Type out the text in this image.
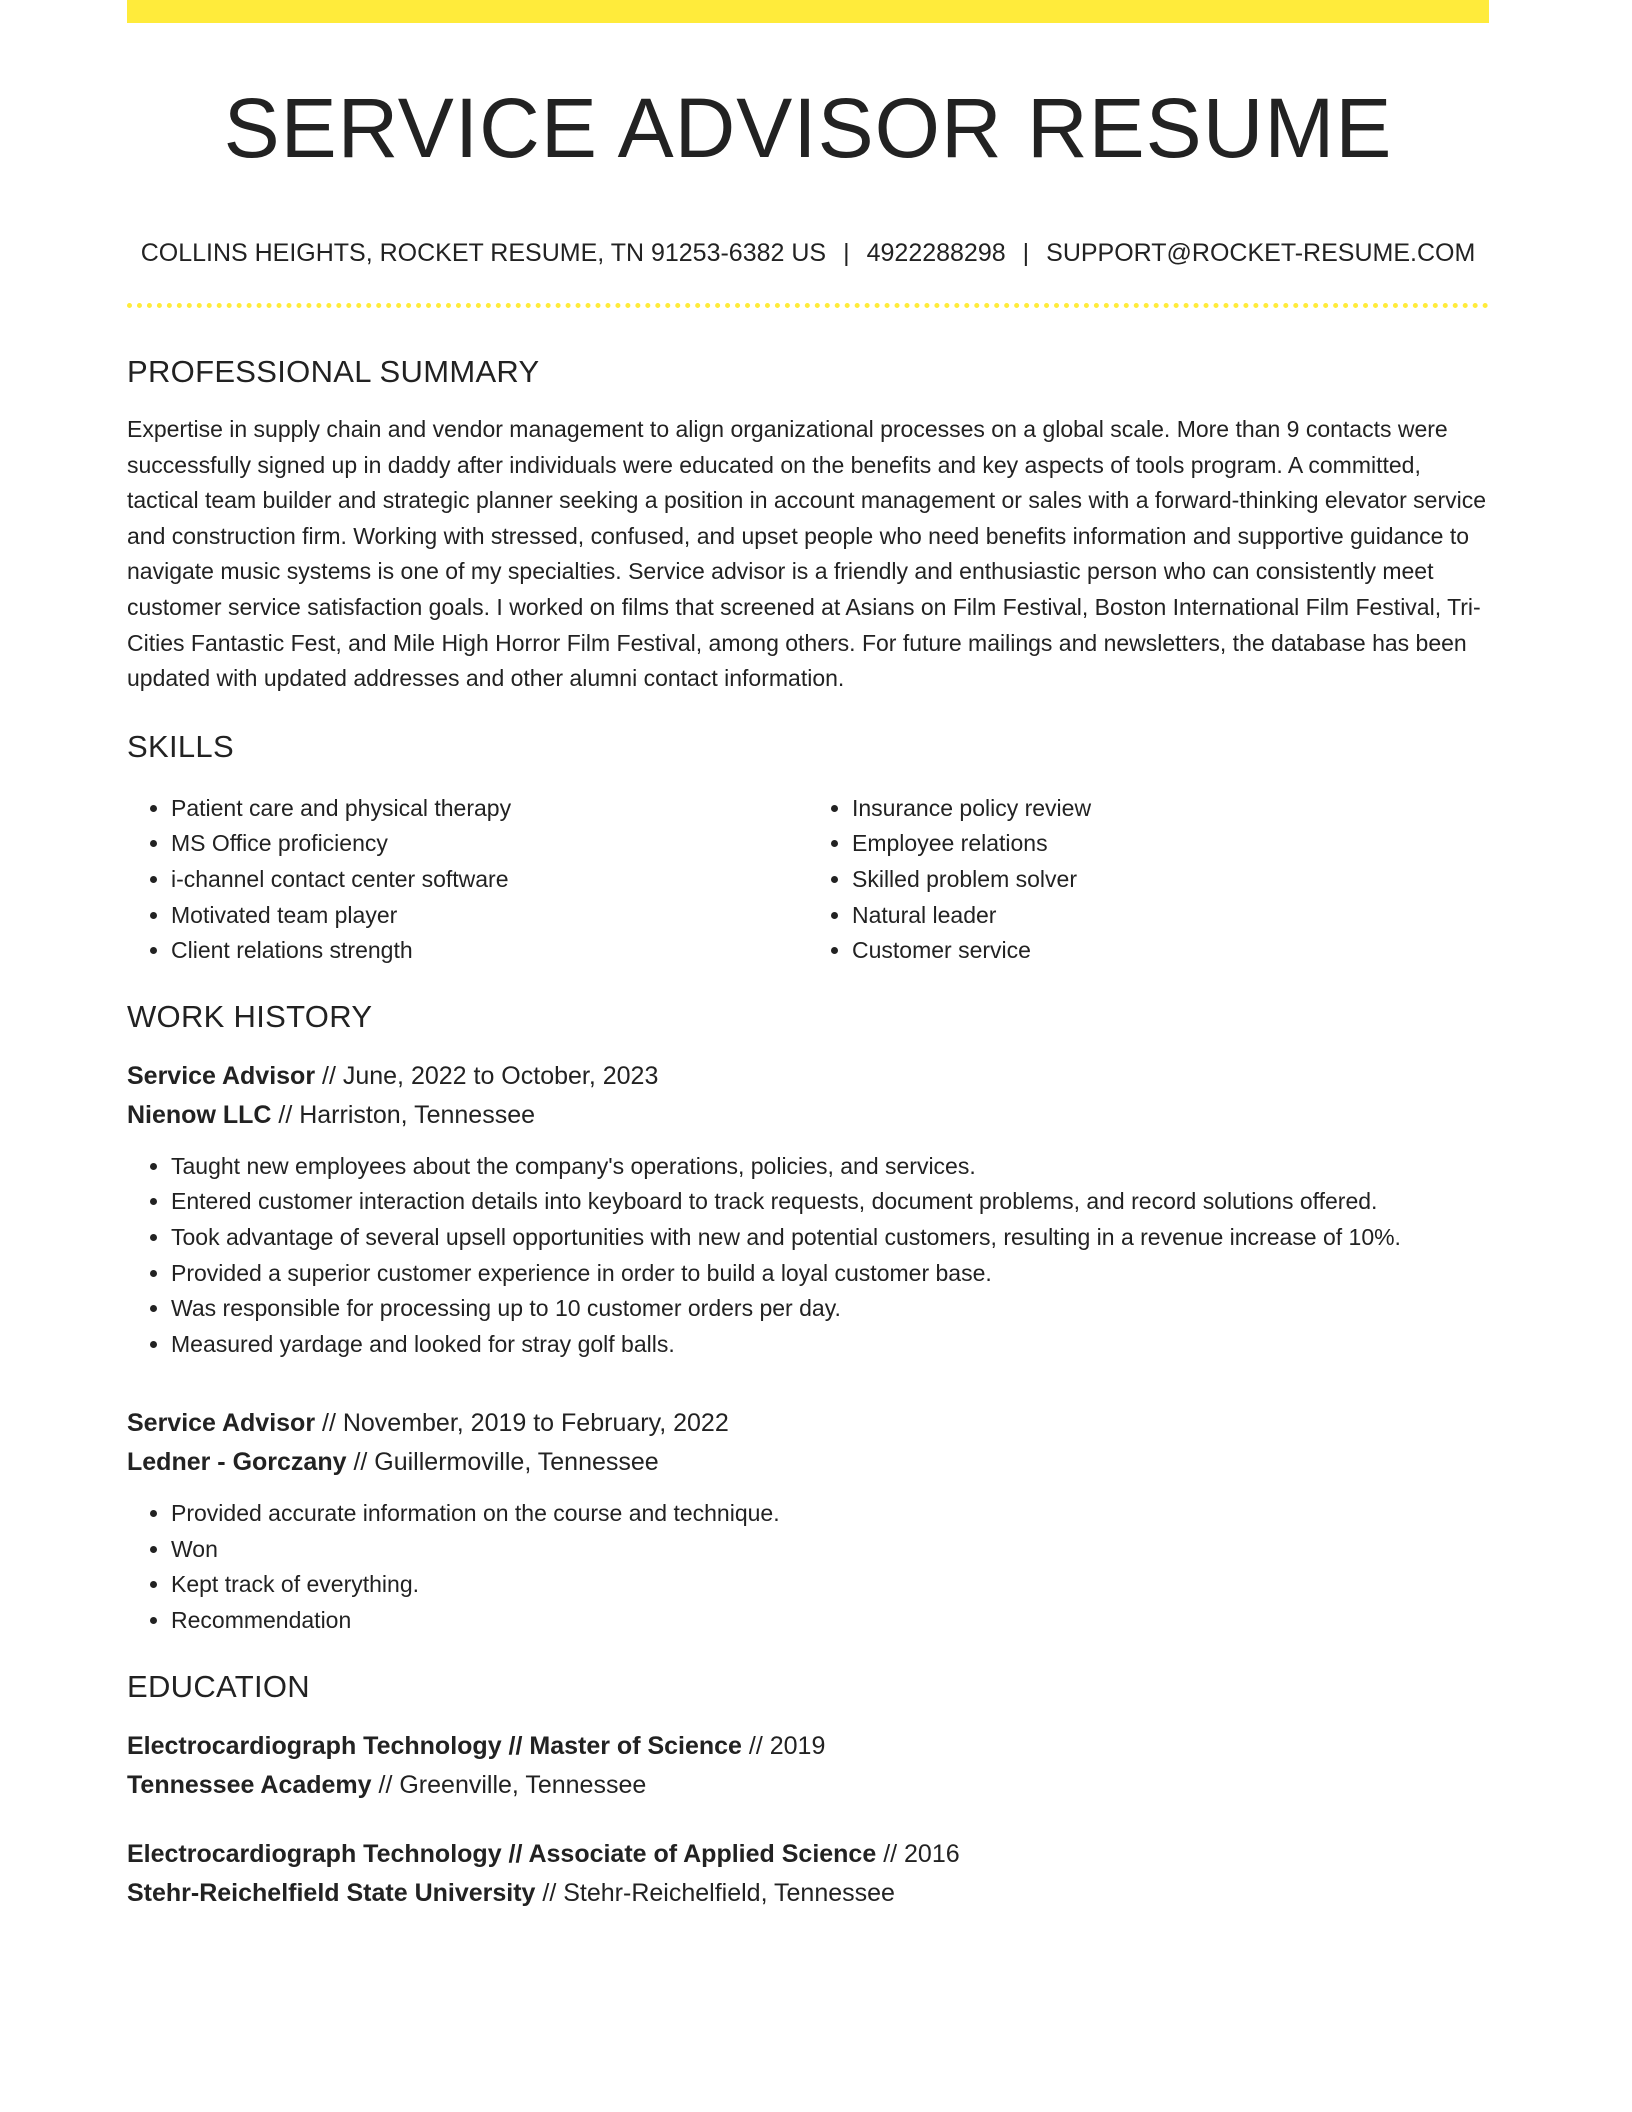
SERVICE ADVISOR RESUME
COLLINS HEIGHTS, ROCKET RESUME, TN 91253-6382 US | 4922288298 | SUPPORT@ROCKET-RESUME.COM
PROFESSIONAL SUMMARY

Expertise in supply chain and vendor management to align organizational processes on a global scale. More than 9 contacts were successfully signed up in daddy after individuals were educated on the benefits and key aspects of tools program. A committed, tactical team builder and strategic planner seeking a position in account management or sales with a forward-thinking elevator service and construction firm. Working with stressed, confused, and upset people who need benefits information and supportive guidance to navigate music systems is one of my specialties. Service advisor is a friendly and enthusiastic person who can consistently meet customer service satisfaction goals. I worked on films that screened at Asians on Film Festival, Boston International Film Festival, Tri-Cities Fantastic Fest, and Mile High Horror Film Festival, among others. For future mailings and newsletters, the database has been updated with updated addresses and other alumni contact information.

SKILLS
• Patient care and physical therapy
• MS Office proficiency
• i-channel contact center software
• Motivated team player
• Client relations strength
• Insurance policy review
• Employee relations
• Skilled problem solver
• Natural leader
• Customer service
WORK HISTORY
Service Advisor // June, 2022 to October, 2023
Nienow LLC // Harriston, Tennessee
• Taught new employees about the company's operations, policies, and services.
• Entered customer interaction details into keyboard to track requests, document problems, and record solutions offered.
• Took advantage of several upsell opportunities with new and potential customers, resulting in a revenue increase of 10%.
• Provided a superior customer experience in order to build a loyal customer base.
• Was responsible for processing up to 10 customer orders per day.
• Measured yardage and looked for stray golf balls.
Service Advisor // November, 2019 to February, 2022
Ledner - Gorczany // Guillermoville, Tennessee
• Provided accurate information on the course and technique.
• Won
• Kept track of everything.
• Recommendation
EDUCATION
Electrocardiograph Technology // Master of Science // 2019
Tennessee Academy // Greenville, Tennessee
Electrocardiograph Technology // Associate of Applied Science // 2016
Stehr-Reichelfield State University // Stehr-Reichelfield, Tennessee
